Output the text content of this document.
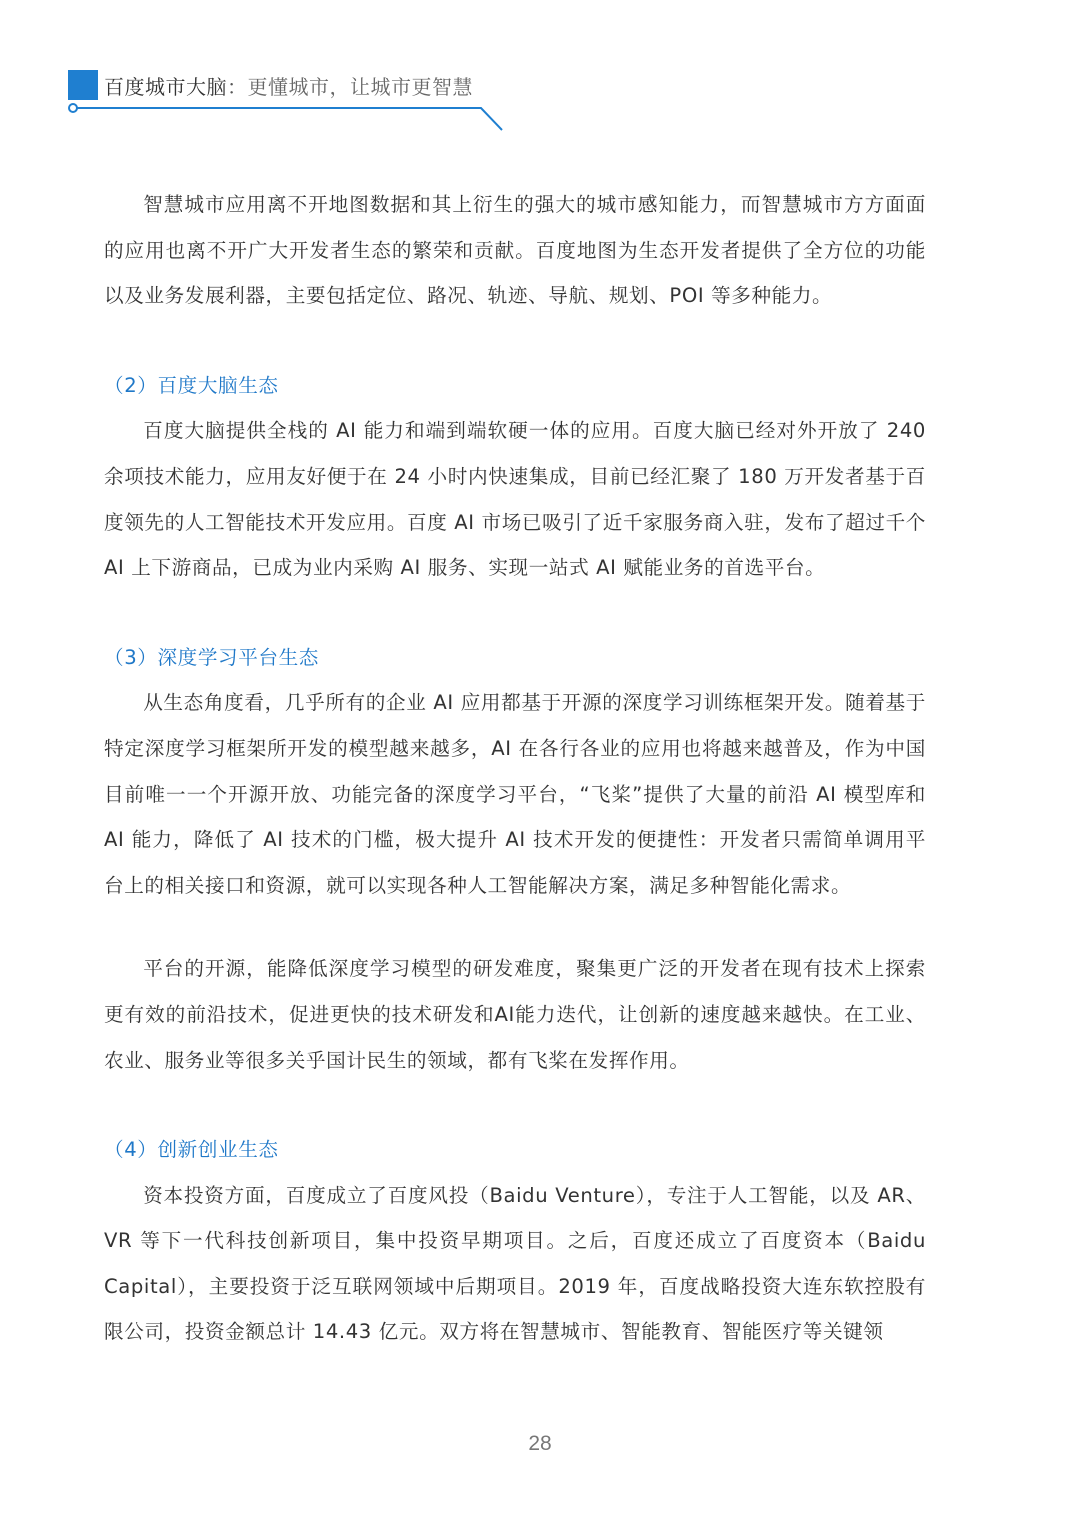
百度城市大脑：更懂城市，让城市更智慧

智慧城市应用离不开地图数据和其上衍生的强大的城市感知能力，而智慧城市方方面面的应用也离不开广大开发者生态的繁荣和贡献。百度地图为生态开发者提供了全方位的功能以及业务发展利器，主要包括定位、路况、轨迹、导航、规划、POI 等多种能力。

（2）百度大脑生态

百度大脑提供全栈的 AI 能力和端到端软硬一体的应用。百度大脑已经对外开放了 240 余项技术能力，应用友好便于在 24 小时内快速集成，目前已经汇聚了 180 万开发者基于百度领先的人工智能技术开发应用。百度 AI 市场已吸引了近千家服务商入驻，发布了超过千个 AI 上下游商品，已成为业内采购 AI 服务、实现一站式 AI 赋能业务的首选平台。

（3）深度学习平台生态

从生态角度看，几乎所有的企业 AI 应用都基于开源的深度学习训练框架开发。随着基于特定深度学习框架所开发的模型越来越多，AI 在各行各业的应用也将越来越普及，作为中国目前唯一一个开源开放、功能完备的深度学习平台，“飞桨”提供了大量的前沿 AI 模型库和 AI 能力，降低了 AI 技术的门槛，极大提升 AI 技术开发的便捷性：开发者只需简单调用平台上的相关接口和资源，就可以实现各种人工智能解决方案，满足多种智能化需求。

平台的开源，能降低深度学习模型的研发难度，聚集更广泛的开发者在现有技术上探索更有效的前沿技术，促进更快的技术研发和AI能力迭代，让创新的速度越来越快。在工业、农业、服务业等很多关乎国计民生的领域，都有飞桨在发挥作用。

（4）创新创业生态

资本投资方面，百度成立了百度风投（Baidu Venture），专注于人工智能，以及 AR、VR 等下一代科技创新项目，集中投资早期项目。之后，百度还成立了百度资本（Baidu Capital），主要投资于泛互联网领域中后期项目。2019 年，百度战略投资大连东软控股有限公司，投资金额总计 14.43 亿元。双方将在智慧城市、智能教育、智能医疗等关键领

28
